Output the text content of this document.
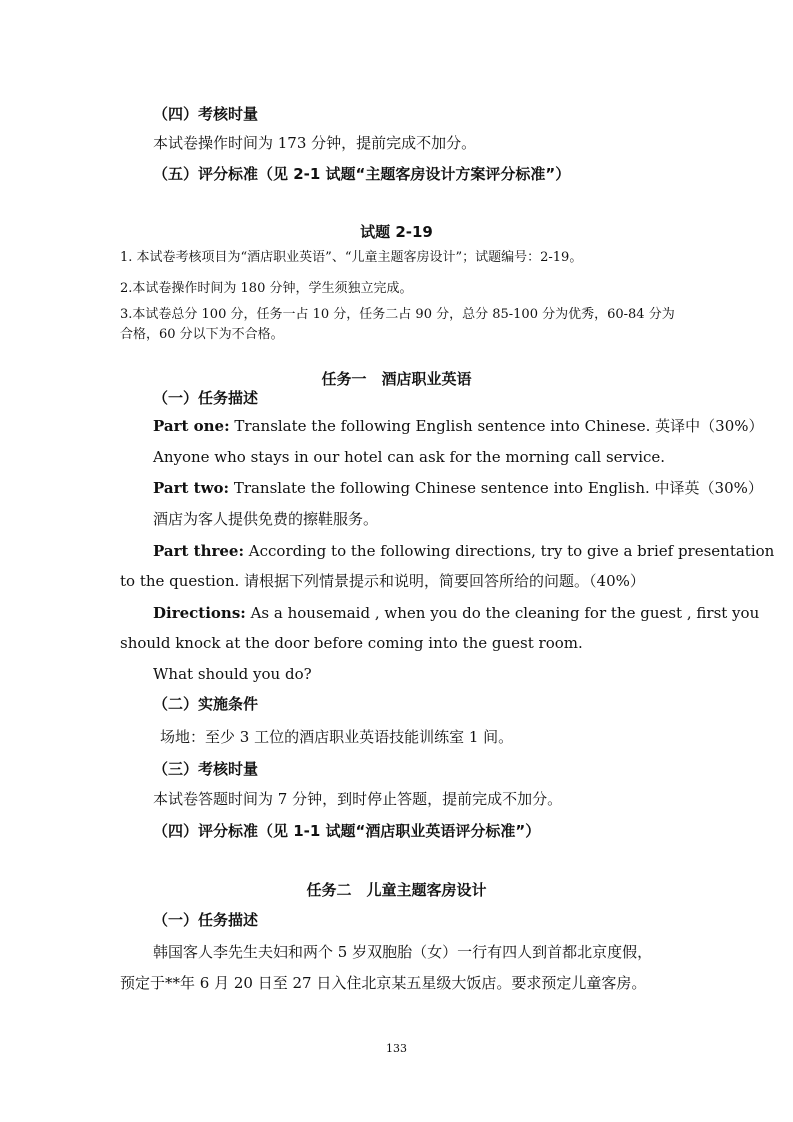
（四）考核时量
本试卷操作时间为 173 分钟，提前完成不加分。
（五）评分标准（见 2-1 试题“主题客房设计方案评分标准”）
试题 2-19
1. 本试卷考核项目为“酒店职业英语”、“儿童主题客房设计”；试题编号：2-19。
2.本试卷操作时间为 180 分钟，学生须独立完成。
3.本试卷总分 100 分，任务一占 10 分，任务二占 90 分，总分 85-100 分为优秀，60-84 分为
合格，60 分以下为不合格。
任务一　酒店职业英语
（一）任务描述
Part one: Translate the following English sentence into Chinese. 英译中（30%）
Anyone who stays in our hotel can ask for the morning call service.
Part two: Translate the following Chinese sentence into English. 中译英（30%）
酒店为客人提供免费的擦鞋服务。
Part three: According to the following directions, try to give a brief presentation
to the question. 请根据下列情景提示和说明，简要回答所给的问题。（40%）
Directions: As a housemaid , when you do the cleaning for the guest , first you
should knock at the door before coming into the guest room.
What should you do?
（二）实施条件
场地：至少 3 工位的酒店职业英语技能训练室 1 间。
（三）考核时量
本试卷答题时间为 7 分钟，到时停止答题，提前完成不加分。
（四）评分标准（见 1-1 试题“酒店职业英语评分标准”）
任务二　儿童主题客房设计
（一）任务描述
韩国客人李先生夫妇和两个 5 岁双胞胎（女）一行有四人到首都北京度假，
预定于**年 6 月 20 日至 27 日入住北京某五星级大饭店。要求预定儿童客房。
133
